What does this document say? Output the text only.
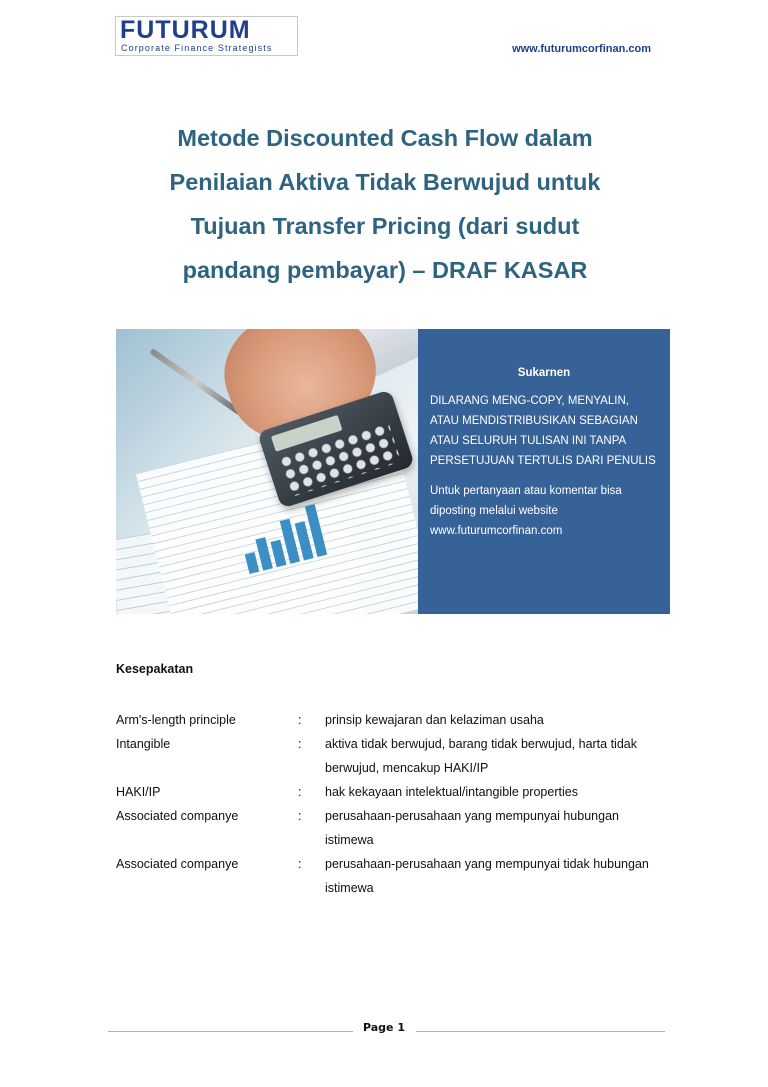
FUTURUM
Corporate Finance Strategists	www.futurumcorfinan.com
Metode Discounted Cash Flow dalam
Penilaian Aktiva Tidak Berwujud untuk
Tujuan Transfer Pricing (dari sudut
pandang pembayar) – DRAF KASAR
Sukarnen
DILARANG MENG-COPY, MENYALIN, ATAU MENDISTRIBUSIKAN SEBAGIAN ATAU SELURUH TULISAN INI TANPA PERSETUJUAN TERTULIS DARI PENULIS
Untuk pertanyaan atau komentar bisa diposting melalui website www.futurumcorfinan.com
Kesepakatan
Arm's-length principle	:	prinsip kewajaran dan kelaziman usaha
Intangible	:	aktiva tidak berwujud, barang tidak berwujud, harta tidak berwujud, mencakup HAKI/IP
HAKI/IP	:	hak kekayaan intelektual/intangible properties
Associated companye	:	perusahaan-perusahaan yang mempunyai hubungan istimewa
Associated companye	:	perusahaan-perusahaan yang mempunyai tidak hubungan istimewa
Page 1
